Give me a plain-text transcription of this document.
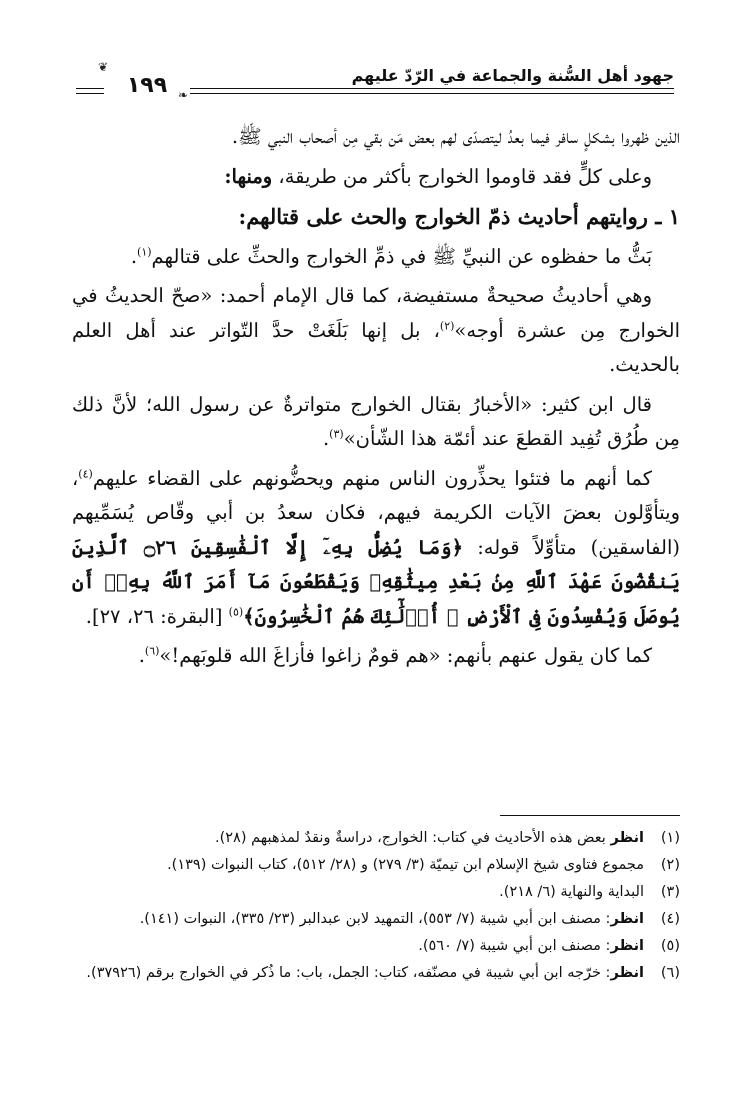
جهود أهل السُّنة والجماعة في الرّدّ عليهم
❦
١٩٩ ❧

الذين ظهروا بشكلٍ سافر فيما بعدُ ليتصدّى لهم بعض مَن بقي مِن أصحاب النبي ﷺ.

وعلى كلٍّ فقد قاوموا الخوارج بأكثر من طريقة، ومنها:

١ ـ روايتهم أحاديث ذمّ الخوارج والحث على قتالهم:

بَثُّ ما حفظوه عن النبيِّ ﷺ في ذمِّ الخوارج والحثِّ على قتالهم$^{(١)}$.

وهي أحاديثُ صحيحةٌ مستفيضة، كما قال الإمام أحمد: «صحّ الحديثُ في الخوارج مِن عشرة أوجه»$^{(٢)}$، بل إنها بَلَغَتْ حدَّ التّواتر عند أهل العلم بالحديث.

قال ابن كثير: «الأخبارُ بقتال الخوارج متواترةٌ عن رسول الله؛ لأنَّ ذلك مِن طُرُق تُفِيد القطعَ عند أئمّة هذا الشّأن»$^{(٣)}$.

كما أنهم ما فتئوا يحذِّرون الناس منهم ويحضُّونهم على القضاء عليهم$^{(٤)}$، ويتأوَّلون بعضَ الآيات الكريمة فيهم، فكان سعدُ بن أبي وقّاص يُسَمِّيهم (الفاسقين) متأوِّلاً قوله: ﴿وَمَا يُضِلُّ بِهِۦٓ إِلَّا ٱلْفَٰسِقِينَ ۝٢٦ ٱلَّذِينَ يَنقُضُونَ عَهْدَ ٱللَّهِ مِنۢ بَعْدِ مِيثَٰقِهِۦ وَيَقْطَعُونَ مَآ أَمَرَ ٱللَّهُ بِهِۦٓ أَن يُوصَلَ وَيُفْسِدُونَ فِى ٱلْأَرْضِ ۚ أُو۟لَٰٓئِكَ هُمُ ٱلْخَٰسِرُونَ﴾$^{(٥)}$ [البقرة: ٢٦، ٢٧].

كما كان يقول عنهم بأنهم: «هم قومٌ زاغوا فأزاغَ الله قلوبَهم!»$^{(٦)}$.

(١)
انظر بعض هذه الأحاديث في كتاب: الخوارج، دراسةٌ ونقدٌ لمذهبهم (٢٨).
(٢)
مجموع فتاوى شيخ الإسلام ابن تيميّة (٣/ ٢٧٩) و (٢٨/ ٥١٢)، كتاب النبوات (١٣٩).
(٣)
البداية والنهاية (٦/ ٢١٨).
(٤)
انظر: مصنف ابن أبي شيبة (٧/ ٥٥٣)، التمهيد لابن عبدالبر (٢٣/ ٣٣٥)، النبوات (١٤١).
(٥)
انظر: مصنف ابن أبي شيبة (٧/ ٥٦٠).
(٦)
انظر: خرّجه ابن أبي شيبة في مصنّفه، كتاب: الجمل، باب: ما ذُكر في الخوارج برقم (٣٧٩٢٦).
